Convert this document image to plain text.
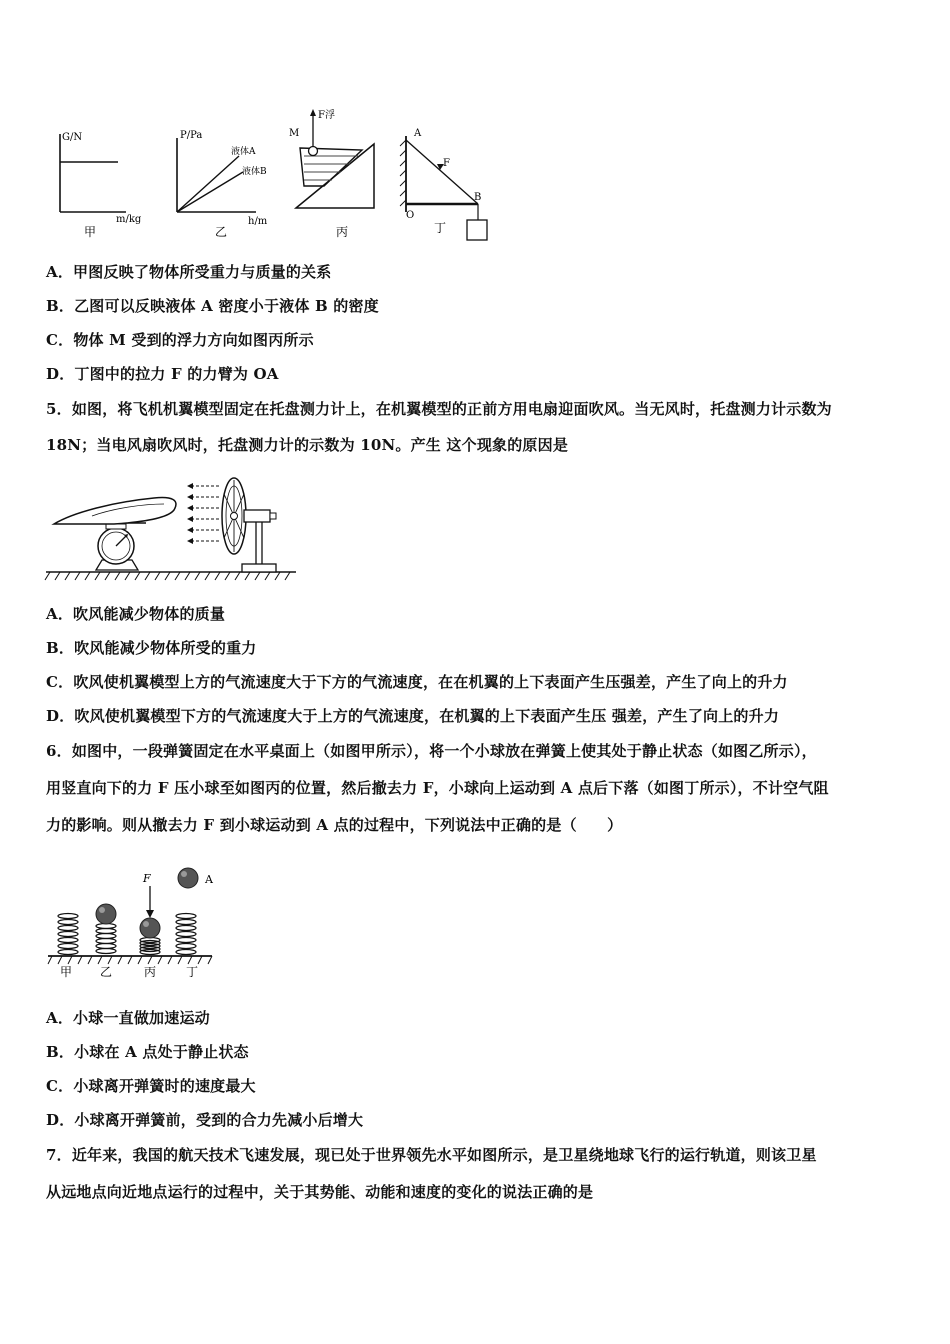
G/N
m/kg
甲
P/Pa
液体A
液体B
h/m
乙
F浮
M
丙
A
F
B
O
丁
A．甲图反映了物体所受重力与质量的关系
B．乙图可以反映液体 A 密度小于液体 B 的密度
C．物体 M 受到的浮力方向如图丙所示
D．丁图中的拉力 F 的力臂为 OA
5．如图，将飞机机翼模型固定在托盘测力计上，在机翼模型的正前方用电扇迎面吹风。当无风时，托盘测力计示数为
18N；当电风扇吹风时，托盘测力计的示数为 10N。产生 这个现象的原因是
A．吹风能减少物体的质量
B．吹风能减少物体所受的重力
C．吹风使机翼模型上方的气流速度大于下方的气流速度，在在机翼的上下表面产生压强差，产生了向上的升力
D．吹风使机翼模型下方的气流速度大于上方的气流速度，在机翼的上下表面产生压 强差，产生了向上的升力
6．如图中，一段弹簧固定在水平桌面上（如图甲所示），将一个小球放在弹簧上使其处于静止状态（如图乙所示），
用竖直向下的力 F 压小球至如图丙的位置，然后撤去力 F，小球向上运动到 A 点后下落（如图丁所示），不计空气阻
力的影响。则从撤去力 F 到小球运动到 A 点的过程中，下列说法中正确的是（　　）
F	A
甲 乙	丙 丁
A．小球一直做加速运动
B．小球在 A 点处于静止状态
C．小球离开弹簧时的速度最大
D．小球离开弹簧前，受到的合力先减小后增大
7．近年来，我国的航天技术飞速发展，现已处于世界领先水平如图所示，是卫星绕地球飞行的运行轨道，则该卫星
从远地点向近地点运行的过程中，关于其势能、动能和速度的变化的说法正确的是
